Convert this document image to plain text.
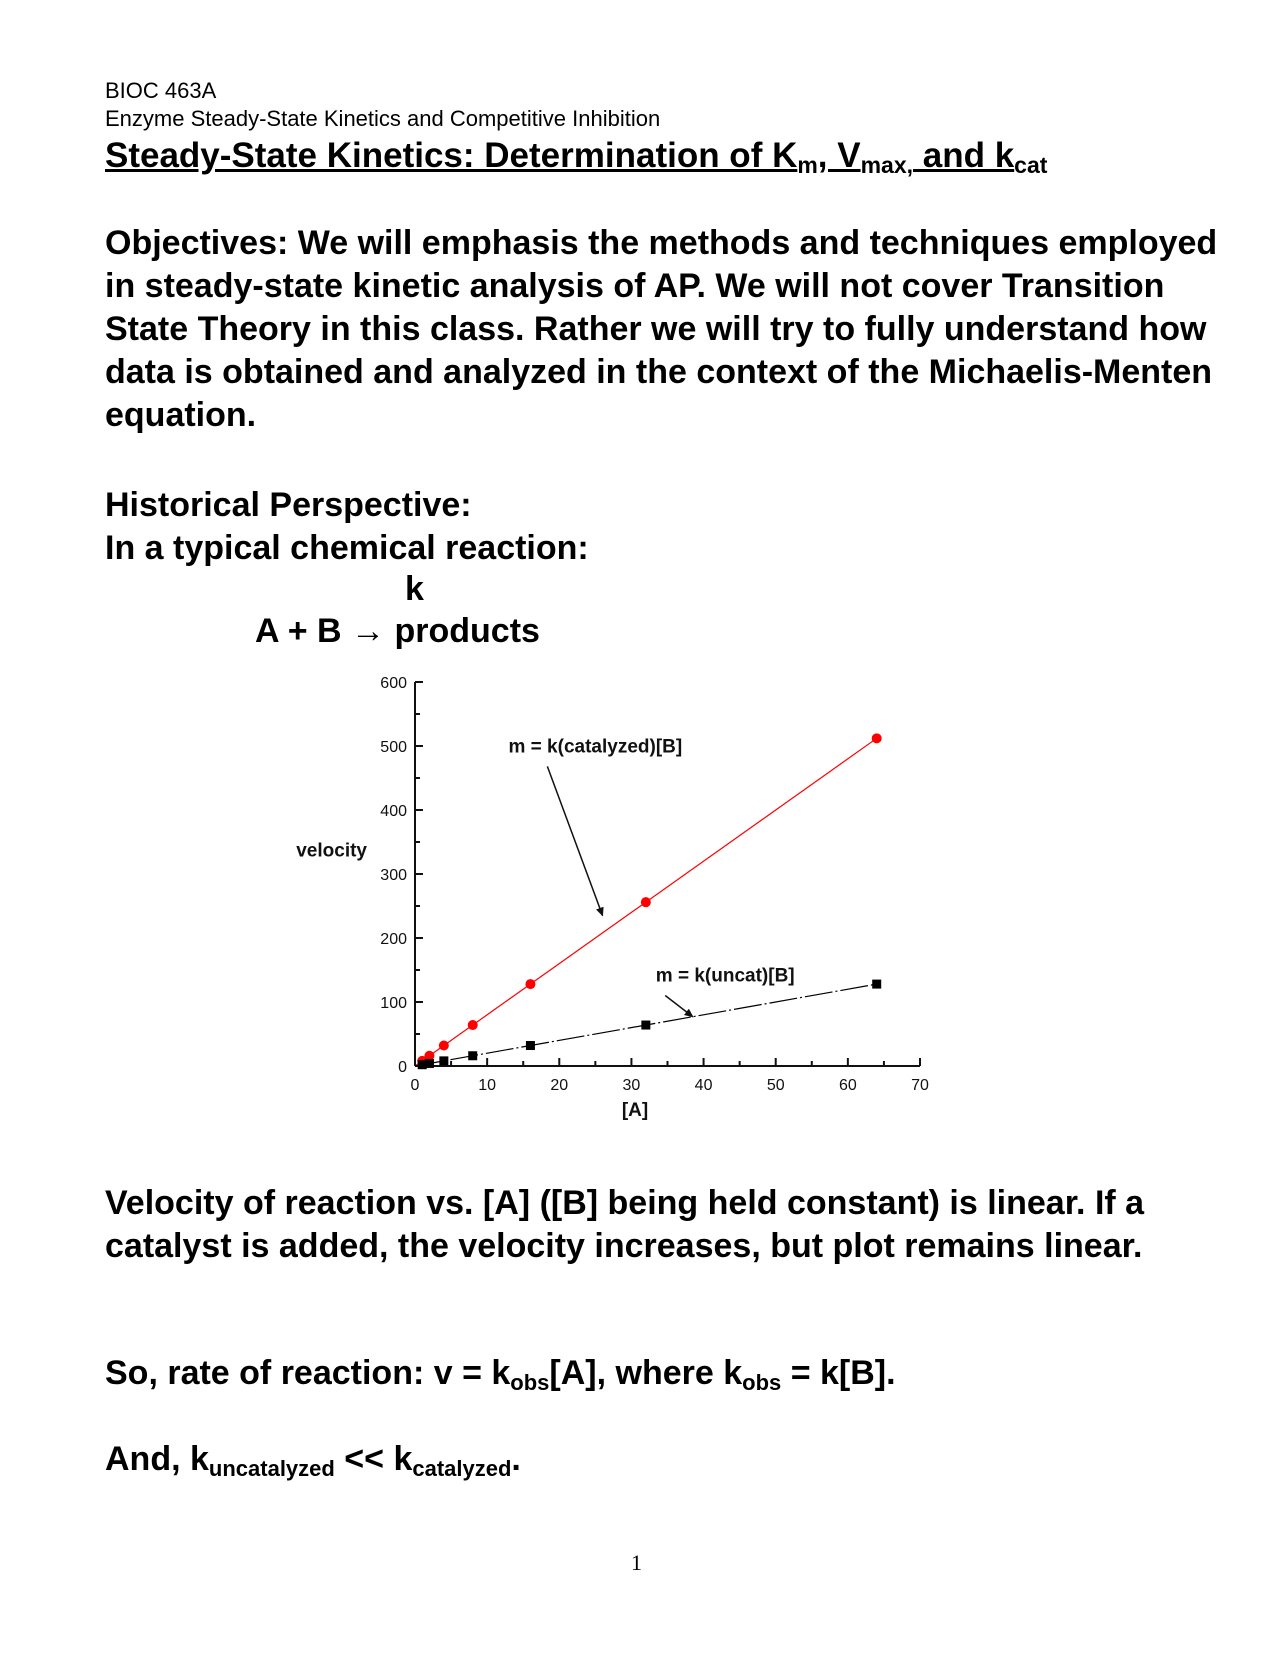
BIOC 463A
Enzyme Steady-State Kinetics and Competitive Inhibition
Steady-State Kinetics: Determination of $K_m$, $V_{max,}$ and $k_{cat}$
Objectives: We will emphasis the methods and techniques employed in steady-state kinetic analysis of AP. We will not cover Transition State Theory in this class. Rather we will try to fully understand how data is obtained and analyzed in the context of the Michaelis-Menten equation.
Historical Perspective:
In a typical chemical reaction:
k
A + B → products
0
100
200
300
400
500
600
0	10	20	30	40	50	60	70
[A]
velocity
m = k(catalyzed)[B]
m = k(uncat)[B]
Velocity of reaction vs. [A] ([B] being held constant) is linear. If a catalyst is added, the velocity increases, but plot remains linear.
So, rate of reaction: $v = k_{obs}[A]$, where $k_{obs} = k[B]$.
And, $k_{uncatalyzed} << k_{catalyzed}$.
1
